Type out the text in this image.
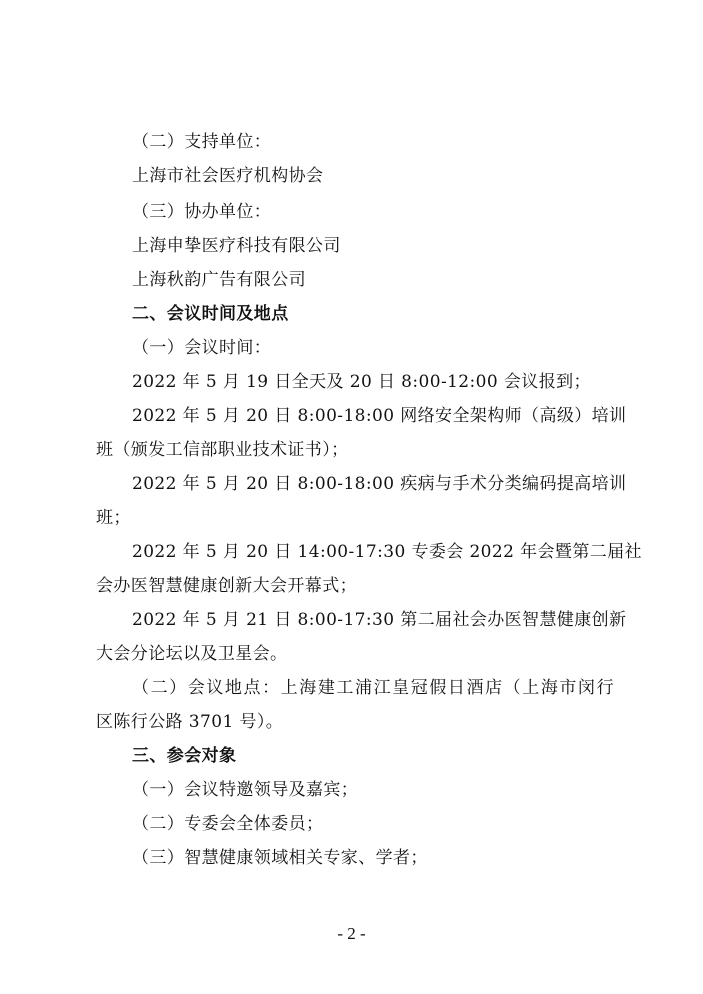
（二）支持单位：
上海市社会医疗机构协会
（三）协办单位：
上海申挚医疗科技有限公司
上海秋韵广告有限公司
二、会议时间及地点
（一）会议时间：
2022 年 5 月 19 日全天及 20 日 8:00-12:00 会议报到；
2022 年 5 月 20 日 8:00-18:00 网络安全架构师（高级）培训
班（颁发工信部职业技术证书）；
2022 年 5 月 20 日 8:00-18:00 疾病与手术分类编码提高培训
班；
2022 年 5 月 20 日 14:00-17:30 专委会 2022 年会暨第二届社
会办医智慧健康创新大会开幕式；
2022 年 5 月 21 日 8:00-17:30 第二届社会办医智慧健康创新
大会分论坛以及卫星会。
（二）会议地点：上海建工浦江皇冠假日酒店（上海市闵行
区陈行公路 3701 号）。
三、参会对象
（一）会议特邀领导及嘉宾；
（二）专委会全体委员；
（三）智慧健康领域相关专家、学者；
- 2 -
